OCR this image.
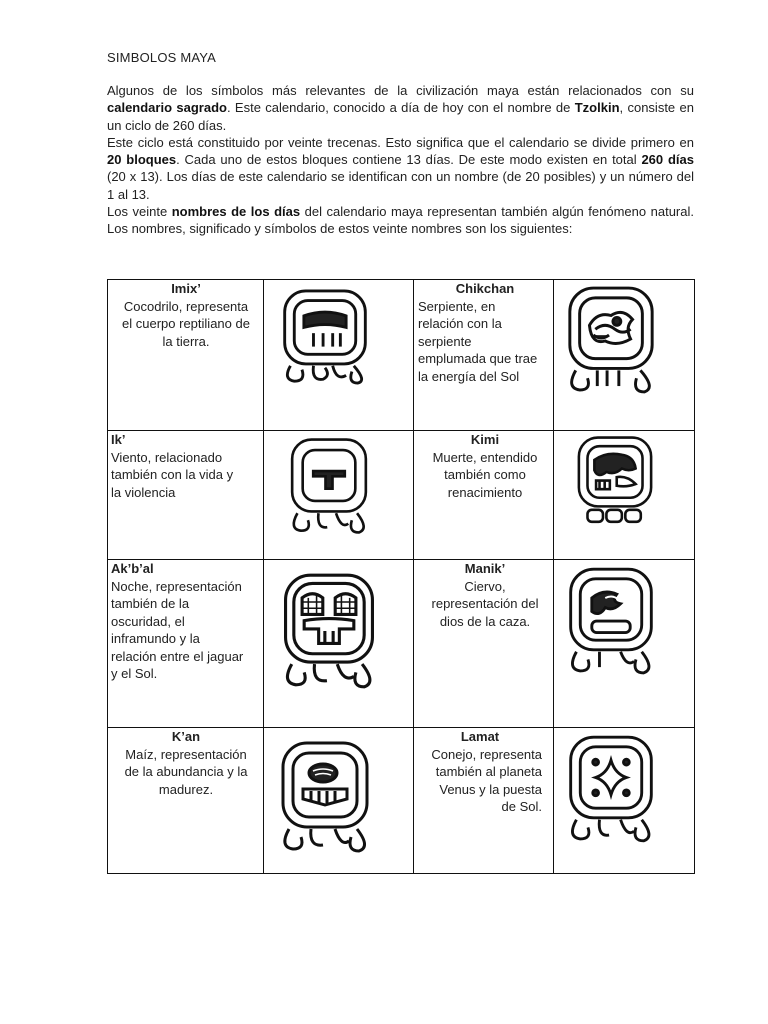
SIMBOLOS MAYA

Algunos de los símbolos más relevantes de la civilización maya están relacionados con su calendario sagrado. Este calendario, conocido a día de hoy con el nombre de Tzolkin, consiste en un ciclo de 260 días.

Este ciclo está constituido por veinte trecenas. Esto significa que el calendario se divide primero en 20 bloques. Cada uno de estos bloques contiene 13 días. De este modo existen en total 260 días (20 x 13). Los días de este calendario se identifican con un nombre (de 20 posibles) y un número del 1 al 13.

Los veinte nombres de los días del calendario maya representan también algún fenómeno natural. Los nombres, significado y símbolos de estos veinte nombres son los siguientes:

Imix’
Cocodrilo, representa
el cuerpo reptiliano de
la tierra.
Chikchan
Serpiente, en
relación con la
serpiente
emplumada que trae
la energía del Sol
Ik’
Viento, relacionado
también con la vida y
la violencia
Kimi
Muerte, entendido
también como
renacimiento
Ak’b’al
Noche, representación
también de la
oscuridad, el
inframundo y la
relación entre el jaguar
y el Sol.
Manik’
Ciervo,
representación del
dios de la caza.
K’an
Maíz, representación
de la abundancia y la
madurez.
Lamat
Conejo, representa
también al planeta
Venus y la puesta
de Sol.
